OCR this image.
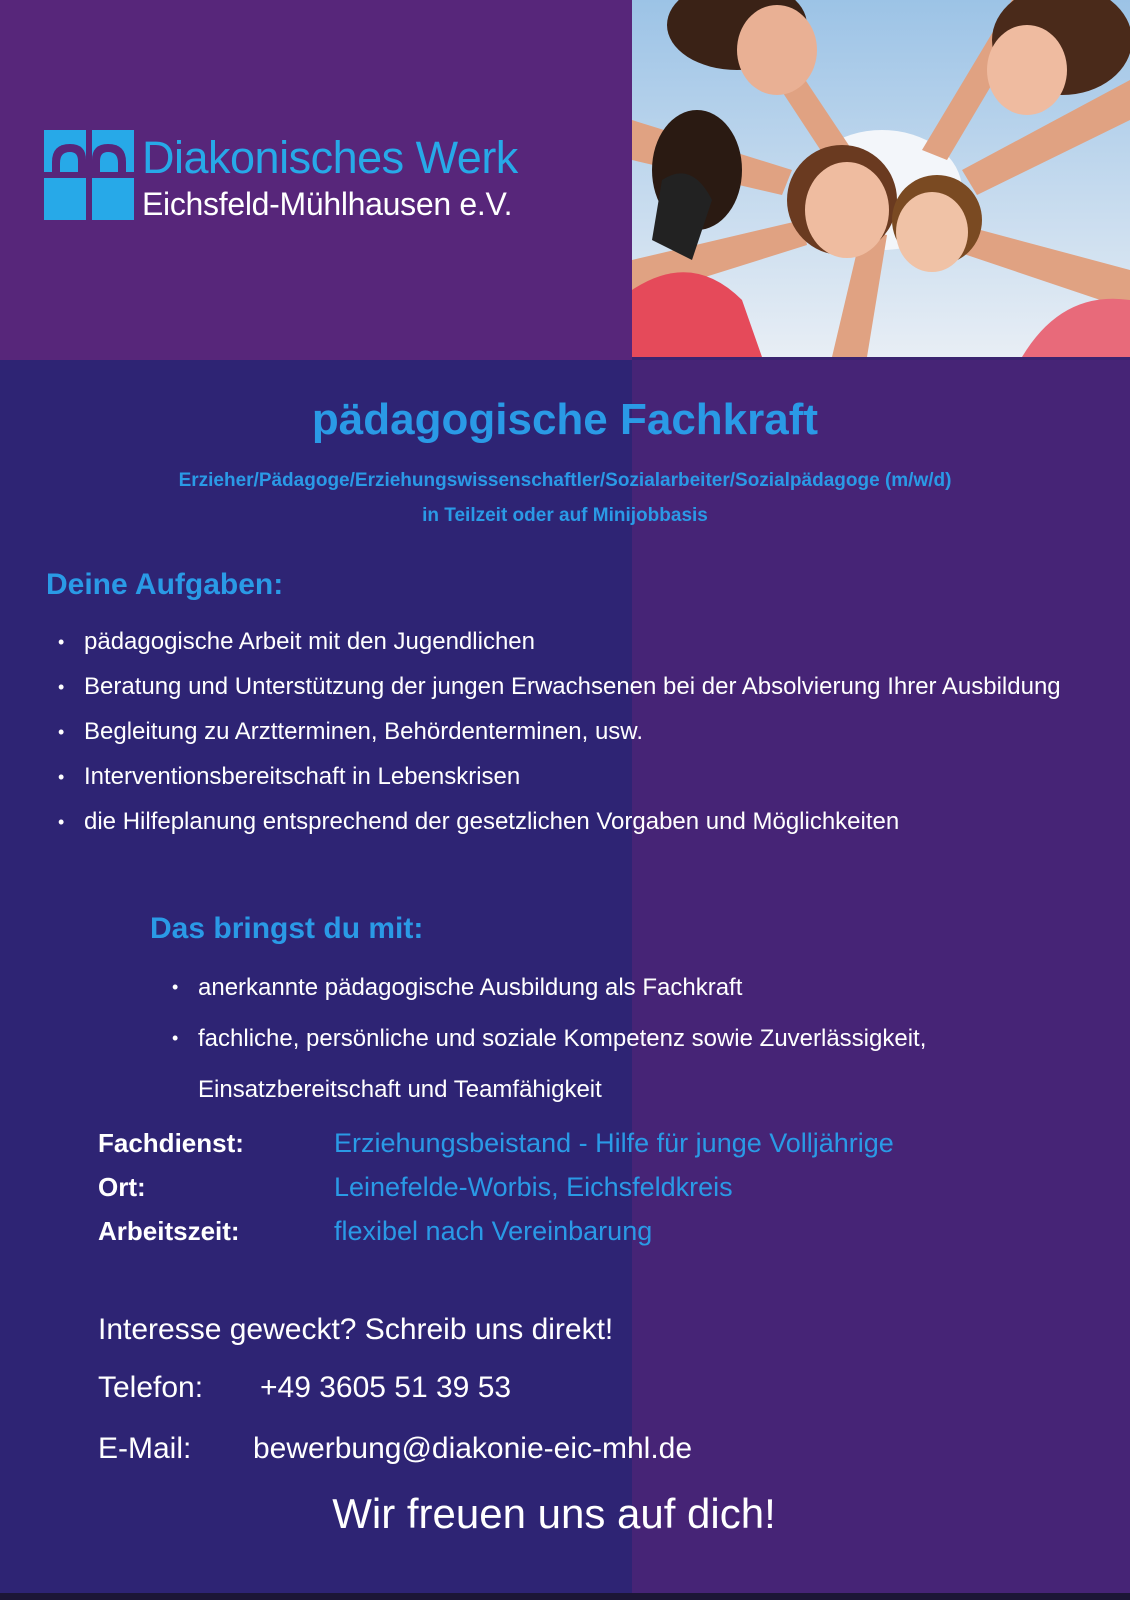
Diakonisches Werk
Eichsfeld-Mühlhausen e.V.
pädagogische Fachkraft
Erzieher/Pädagoge/Erziehungswissenschaftler/Sozialarbeiter/Sozialpädagoge (m/w/d)
in Teilzeit oder auf Minijobbasis
Deine Aufgaben:
• pädagogische Arbeit mit den Jugendlichen
• Beratung und Unterstützung der jungen Erwachsenen bei der Absolvierung Ihrer Ausbildung
• Begleitung zu Arztterminen, Behördenterminen, usw.
• Interventionsbereitschaft in Lebenskrisen
• die Hilfeplanung entsprechend der gesetzlichen Vorgaben und Möglichkeiten
Das bringst du mit:
• anerkannte pädagogische Ausbildung als Fachkraft
• fachliche, persönliche und soziale Kompetenz sowie Zuverlässigkeit, Einsatzbereitschaft und Teamfähigkeit
Fachdienst:	Erziehungsbeistand - Hilfe für junge Volljährige
Ort:	Leinefelde-Worbis, Eichsfeldkreis
Arbeitszeit:	flexibel nach Vereinbarung
Interesse geweckt? Schreib uns direkt!
Telefon: +49 3605 51 39 53
E-Mail: bewerbung@diakonie-eic-mhl.de
Wir freuen uns auf dich!
